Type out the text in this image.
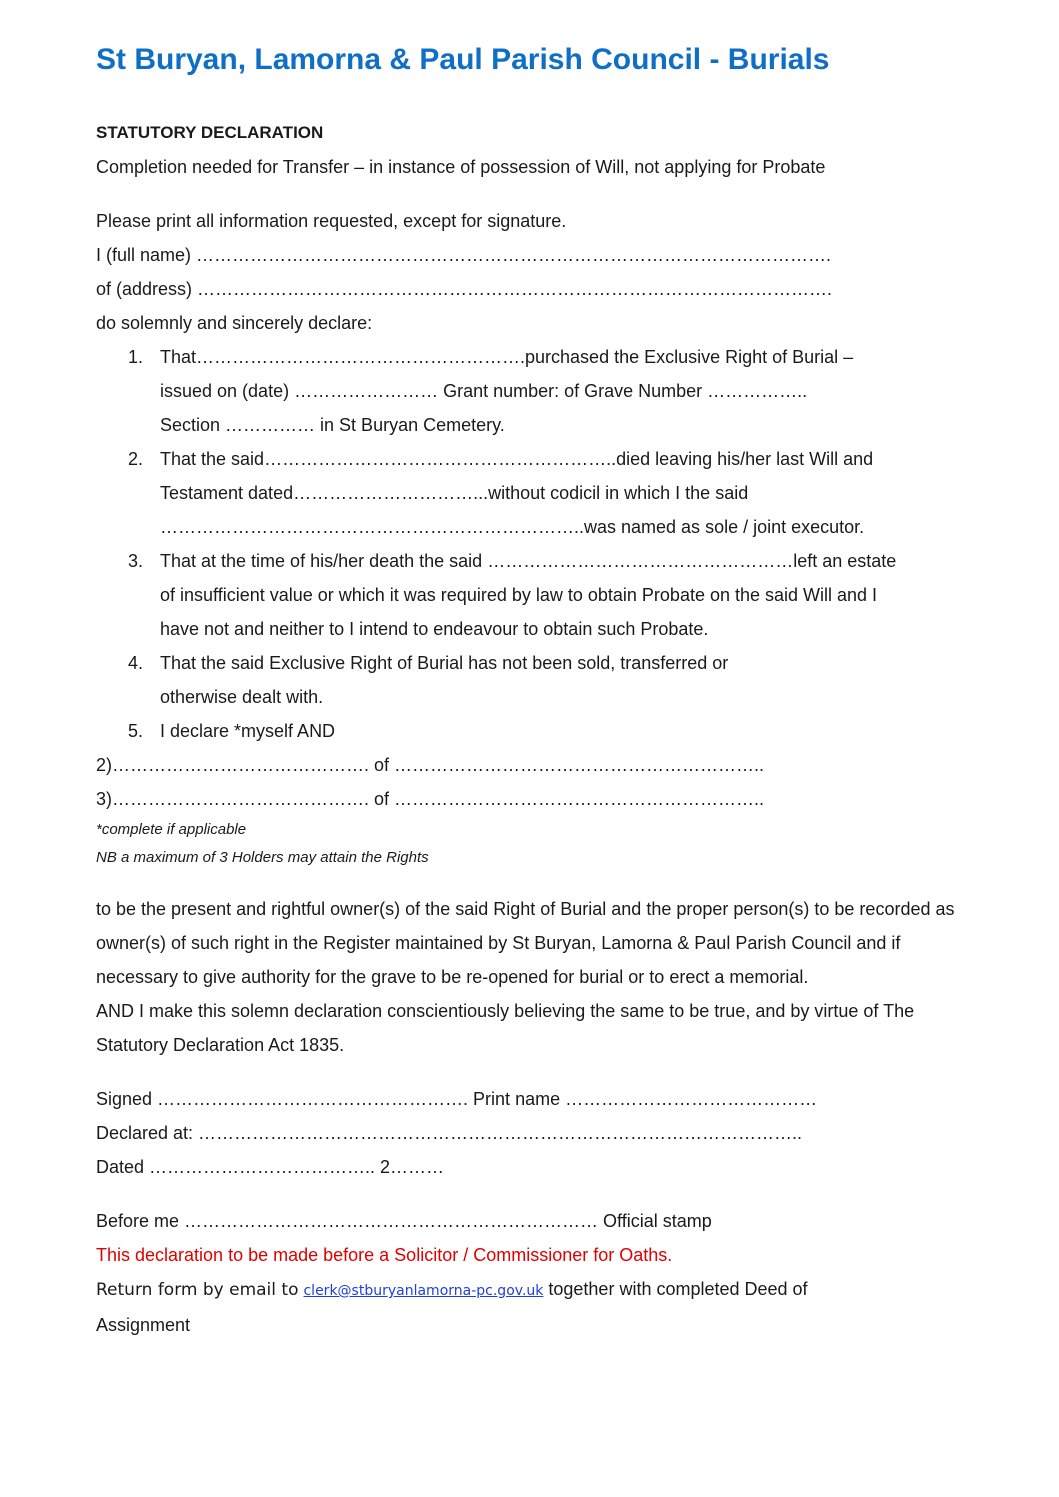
St Buryan, Lamorna & Paul Parish Council - Burials
STATUTORY DECLARATION
Completion needed for Transfer – in instance of possession of Will, not applying for Probate
Please print all information requested, except for signature.
I (full name) …………………………………………………………………………………………….
of (address) …………………………………………………………………………………………….
do solemnly and sincerely declare:
1. That……………………………………………….purchased the Exclusive Right of Burial –
issued on (date) …………………… Grant number: of Grave Number ……………..
Section …………… in St Buryan Cemetery.
2. That the said…………………………………………………..died leaving his/her last Will and
Testament dated…………………………...without codicil in which I the said
……………………………………………………………..was named as sole / joint executor.
3. That at the time of his/her death the said ……………………………………………left an estate
of insufficient value or which it was required by law to obtain Probate on the said Will and I
have not and neither to I intend to endeavour to obtain such Probate.
4. That the said Exclusive Right of Burial has not been sold, transferred or
otherwise dealt with.
5. I declare *myself AND
2)……………………………………. of ……………………………………………………..
3)……………………………………. of ……………………………………………………..
*complete if applicable
NB a maximum of 3 Holders may attain the Rights
to be the present and rightful owner(s) of the said Right of Burial and the proper person(s) to be recorded as owner(s) of such right in the Register maintained by St Buryan, Lamorna & Paul Parish Council and if necessary to give authority for the grave to be re-opened for burial or to erect a memorial.
AND I make this solemn declaration conscientiously believing the same to be true, and by virtue of The Statutory Declaration Act 1835.
Signed ……………………………………………. Print name ……………………………………
Declared at: ………………………………………………………………………………………..
Dated ……………………………….. 2………
Before me …………………………………………………………… Official stamp
This declaration to be made before a Solicitor / Commissioner for Oaths.
Return form by email to clerk@stburyanlamorna-pc.gov.uk together with completed Deed of
Assignment
